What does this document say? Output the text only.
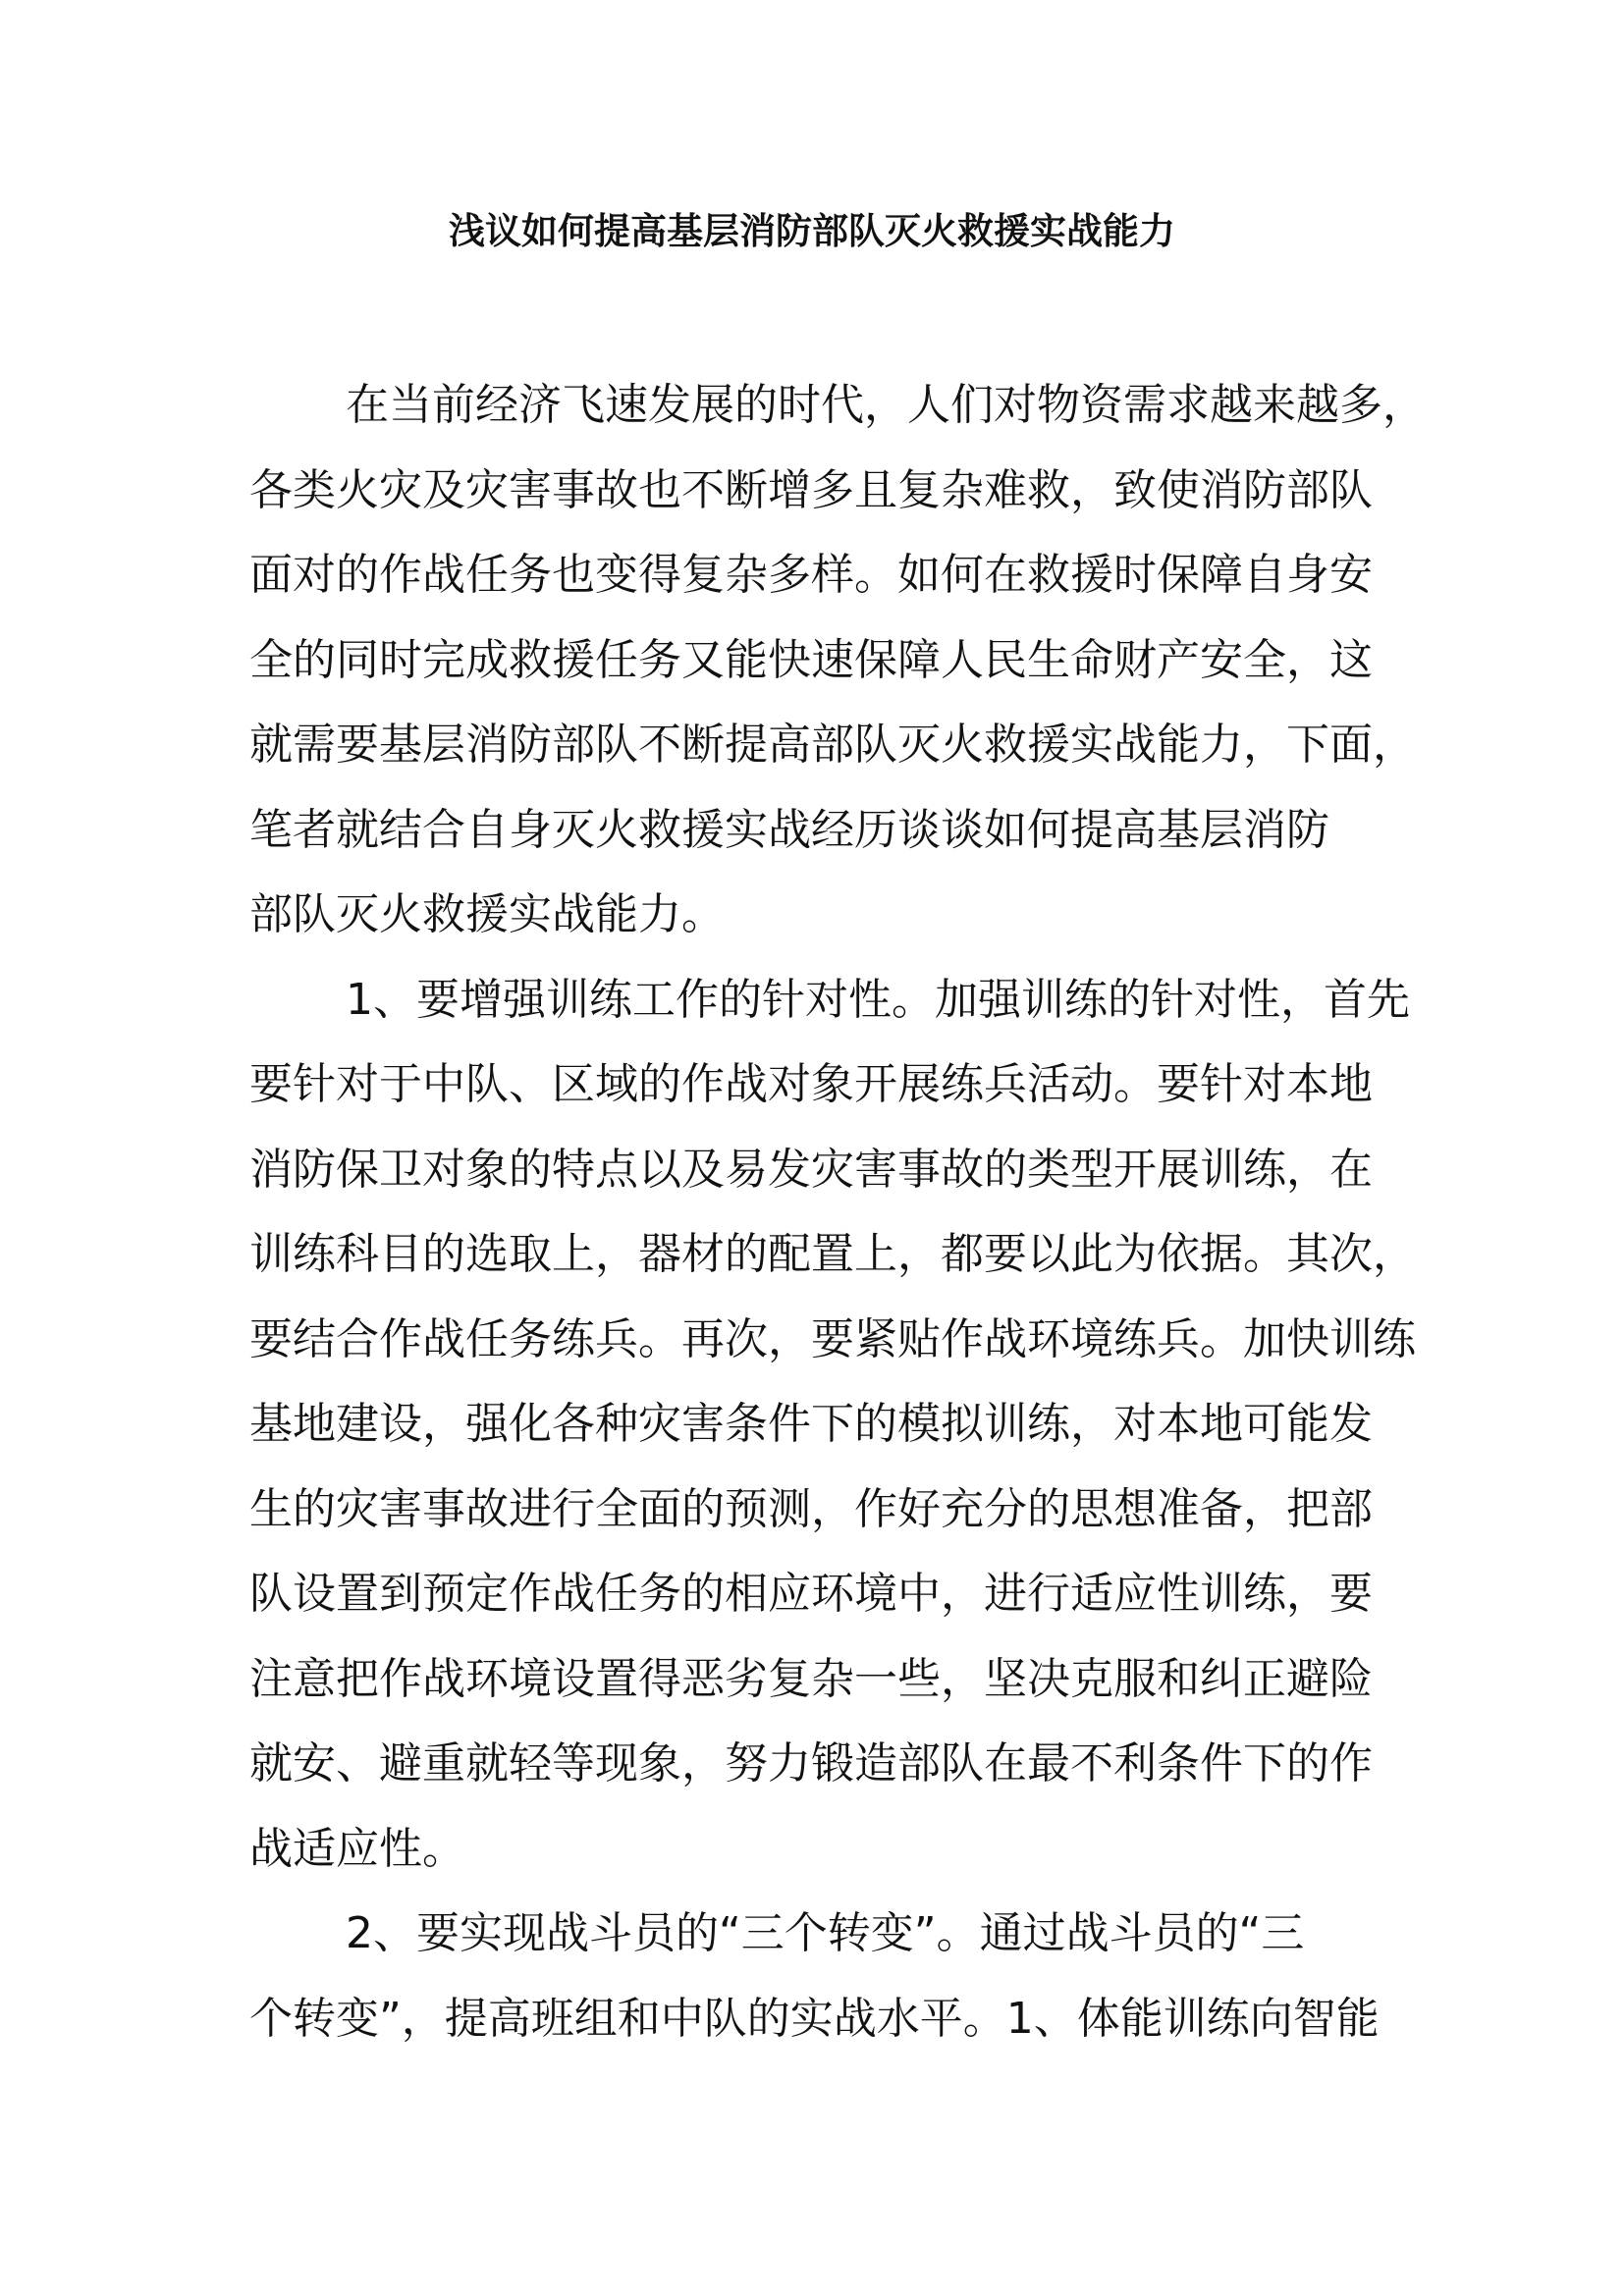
浅议如何提高基层消防部队灭火救援实战能力
在当前经济飞速发展的时代，人们对物资需求越来越多，
各类火灾及灾害事故也不断增多且复杂难救，致使消防部队
面对的作战任务也变得复杂多样。如何在救援时保障自身安
全的同时完成救援任务又能快速保障人民生命财产安全，这
就需要基层消防部队不断提高部队灭火救援实战能力，下面，
笔者就结合自身灭火救援实战经历谈谈如何提高基层消防
部队灭火救援实战能力。
1、要增强训练工作的针对性。加强训练的针对性，首先
要针对于中队、区域的作战对象开展练兵活动。要针对本地
消防保卫对象的特点以及易发灾害事故的类型开展训练，在
训练科目的选取上，器材的配置上，都要以此为依据。其次，
要结合作战任务练兵。再次，要紧贴作战环境练兵。加快训练
基地建设，强化各种灾害条件下的模拟训练，对本地可能发
生的灾害事故进行全面的预测，作好充分的思想准备，把部
队设置到预定作战任务的相应环境中，进行适应性训练，要
注意把作战环境设置得恶劣复杂一些，坚决克服和纠正避险
就安、避重就轻等现象，努力锻造部队在最不利条件下的作
战适应性。
2、要实现战斗员的“三个转变”。通过战斗员的“三
个转变”，提高班组和中队的实战水平。1、体能训练向智能
